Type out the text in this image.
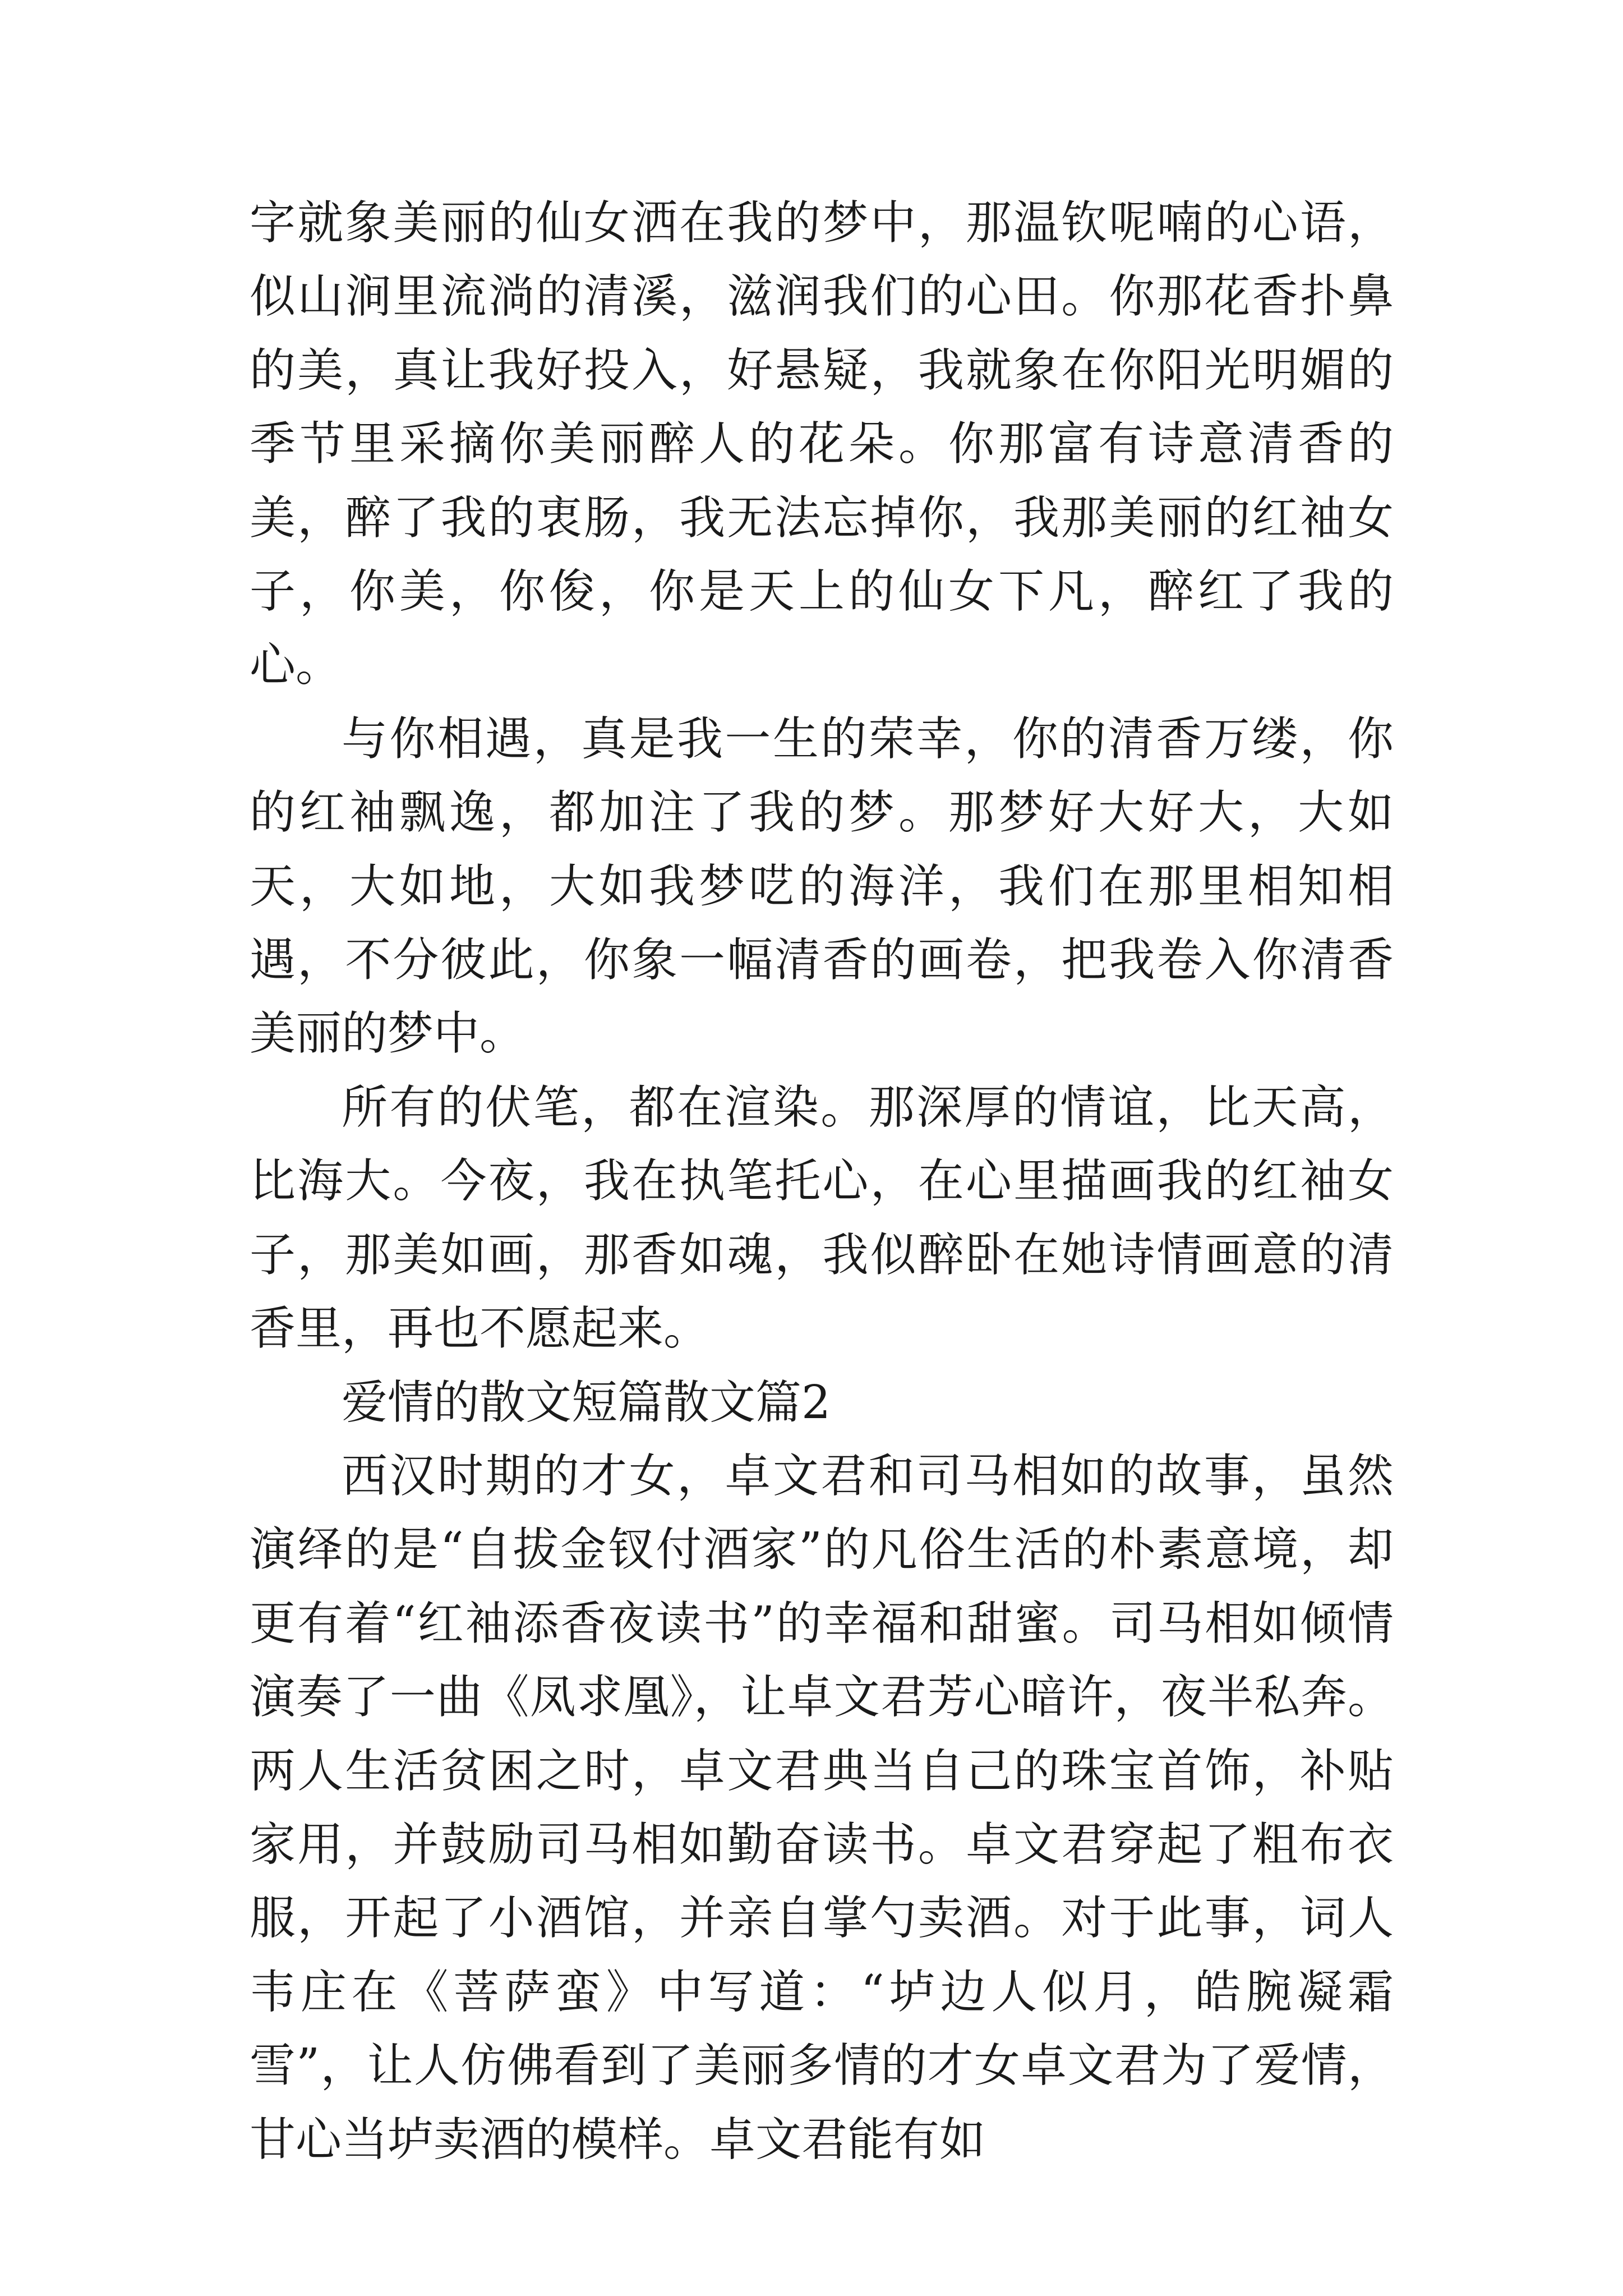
字就象美丽的仙女洒在我的梦中，那温钦呢喃的心语，似山涧里流淌的清溪，滋润我们的心田。你那花香扑鼻的美，真让我好投入，好悬疑，我就象在你阳光明媚的季节里采摘你美丽醉人的花朵。你那富有诗意清香的美，醉了我的衷肠，我无法忘掉你，我那美丽的红袖女子，你美，你俊，你是天上的仙女下凡，醉红了我的心。

与你相遇，真是我一生的荣幸，你的清香万缕，你的红袖飘逸，都加注了我的梦。那梦好大好大，大如天，大如地，大如我梦呓的海洋，我们在那里相知相遇，不分彼此，你象一幅清香的画卷，把我卷入你清香美丽的梦中。

所有的伏笔，都在渲染。那深厚的情谊，比天高，比海大。今夜，我在执笔托心，在心里描画我的红袖女子，那美如画，那香如魂，我似醉卧在她诗情画意的清香里，再也不愿起来。

爱情的散文短篇散文篇2

西汉时期的才女，卓文君和司马相如的故事，虽然演绎的是“自拔金钗付酒家”的凡俗生活的朴素意境，却更有着“红袖添香夜读书”的幸福和甜蜜。司马相如倾情演奏了一曲《凤求凰》，让卓文君芳心暗许，夜半私奔。两人生活贫困之时，卓文君典当自己的珠宝首饰，补贴家用，并鼓励司马相如勤奋读书。卓文君穿起了粗布衣服，开起了小酒馆，并亲自掌勺卖酒。对于此事，词人韦庄在《菩萨蛮》中写道：“垆边人似月，皓腕凝霜雪”，让人仿佛看到了美丽多情的才女卓文君为了爱情，甘心当垆卖酒的模样。卓文君能有如
